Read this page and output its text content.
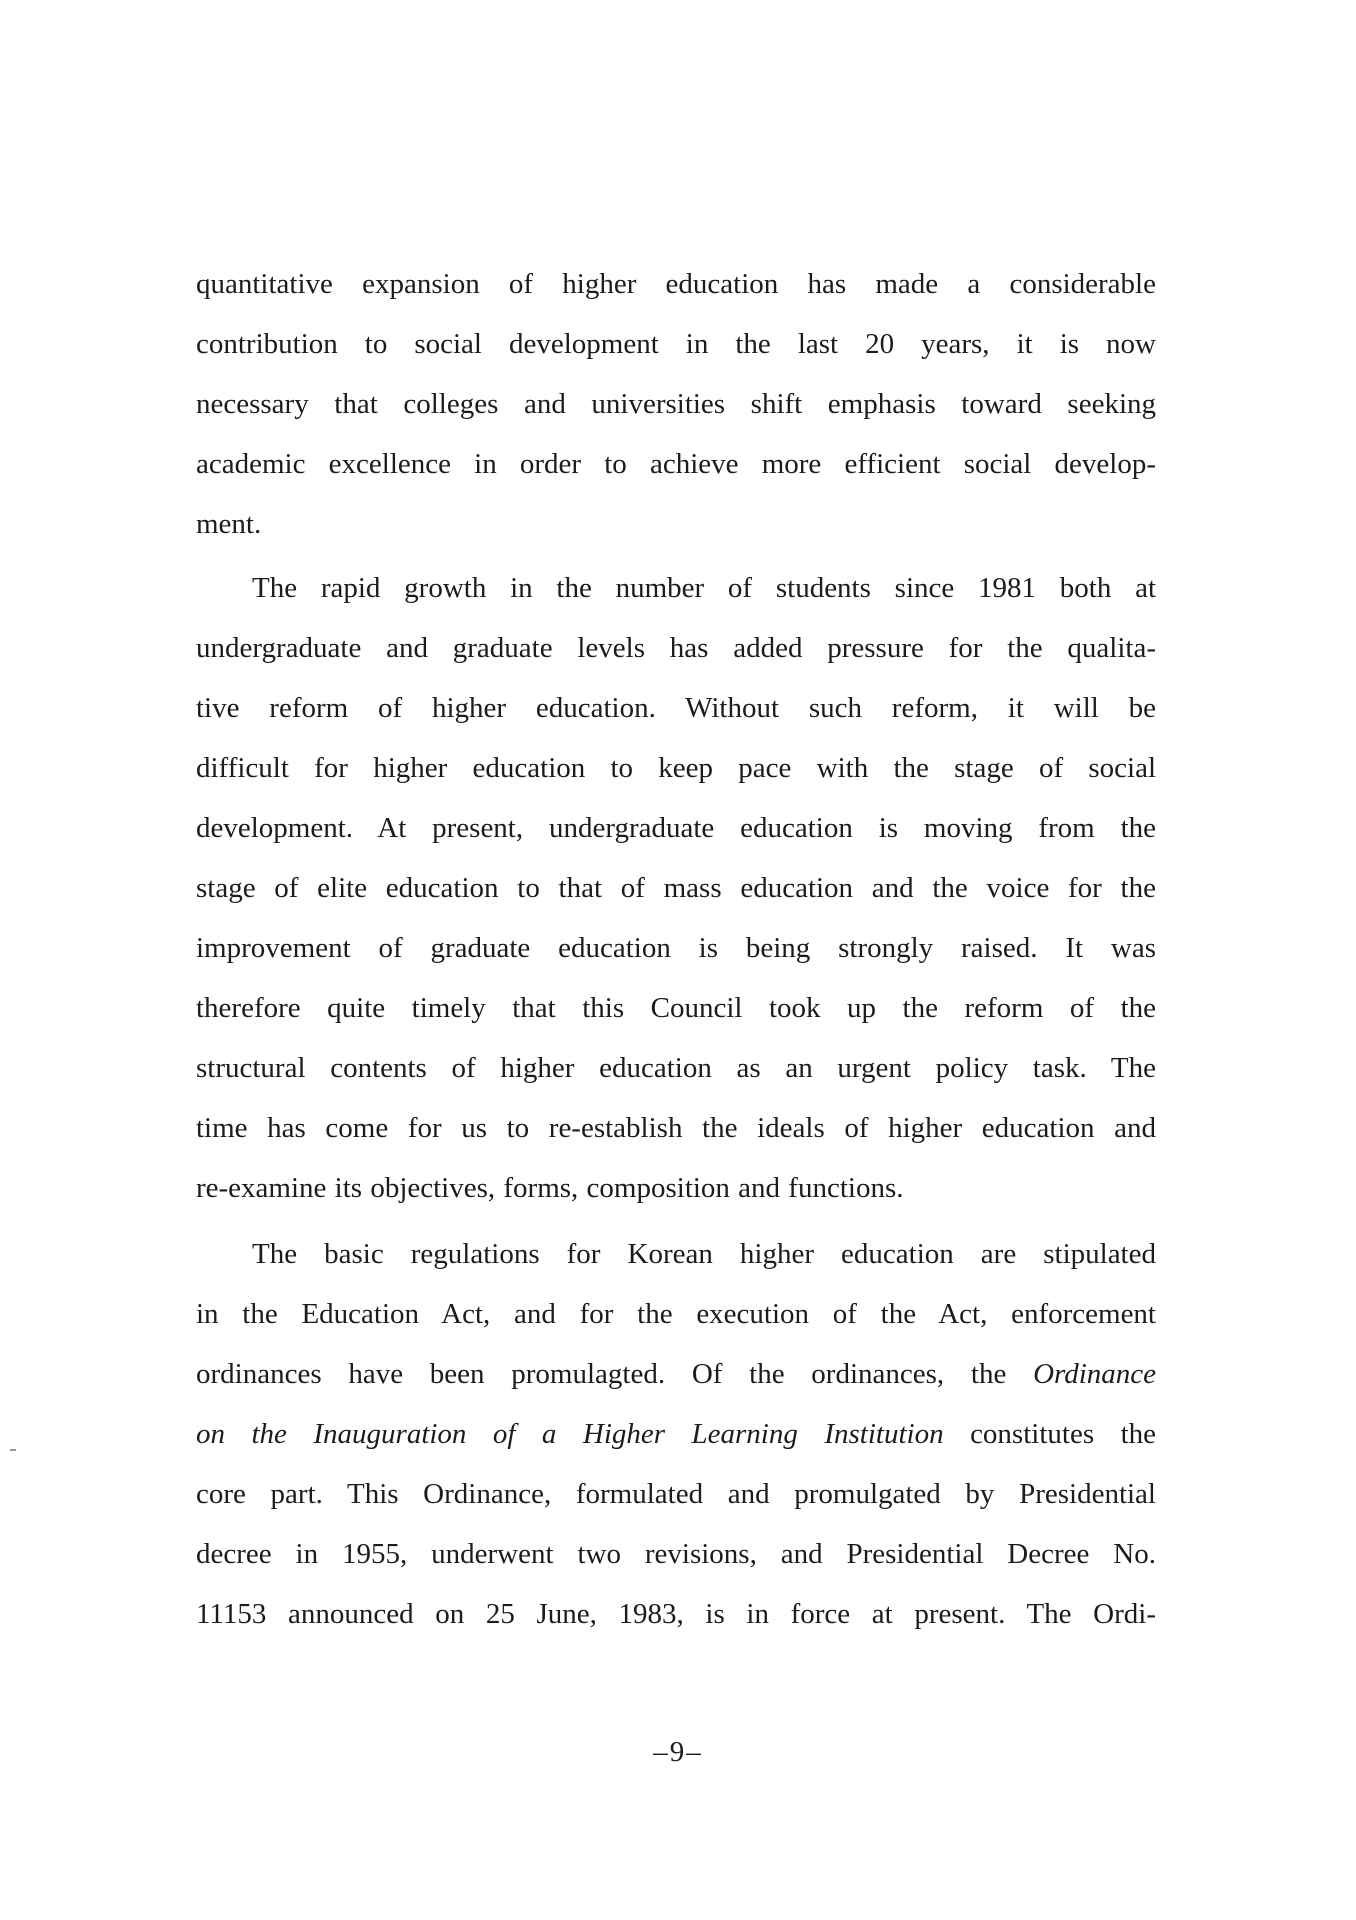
quantitative expansion of higher education has made a considerable
contribution to social development in the last 20 years, it is now
necessary that colleges and universities shift emphasis toward seeking
academic excellence in order to achieve more efficient social develop-
ment.
The rapid growth in the number of students since 1981 both at
undergraduate and graduate levels has added pressure for the qualita-
tive reform of higher education. Without such reform, it will be
difficult for higher education to keep pace with the stage of social
development. At present, undergraduate education is moving from the
stage of elite education to that of mass education and the voice for the
improvement of graduate education is being strongly raised. It was
therefore quite timely that this Council took up the reform of the
structural contents of higher education as an urgent policy task. The
time has come for us to re-establish the ideals of higher education and
re-examine its objectives, forms, composition and functions.
The basic regulations for Korean higher education are stipulated
in the Education Act, and for the execution of the Act, enforcement
ordinances have been promulagted. Of the ordinances, the Ordinance
on the Inauguration of a Higher Learning Institution constitutes the
core part. This Ordinance, formulated and promulgated by Presidential
decree in 1955, underwent two revisions, and Presidential Decree No.
11153 announced on 25 June, 1983, is in force at present. The Ordi-
–9–
